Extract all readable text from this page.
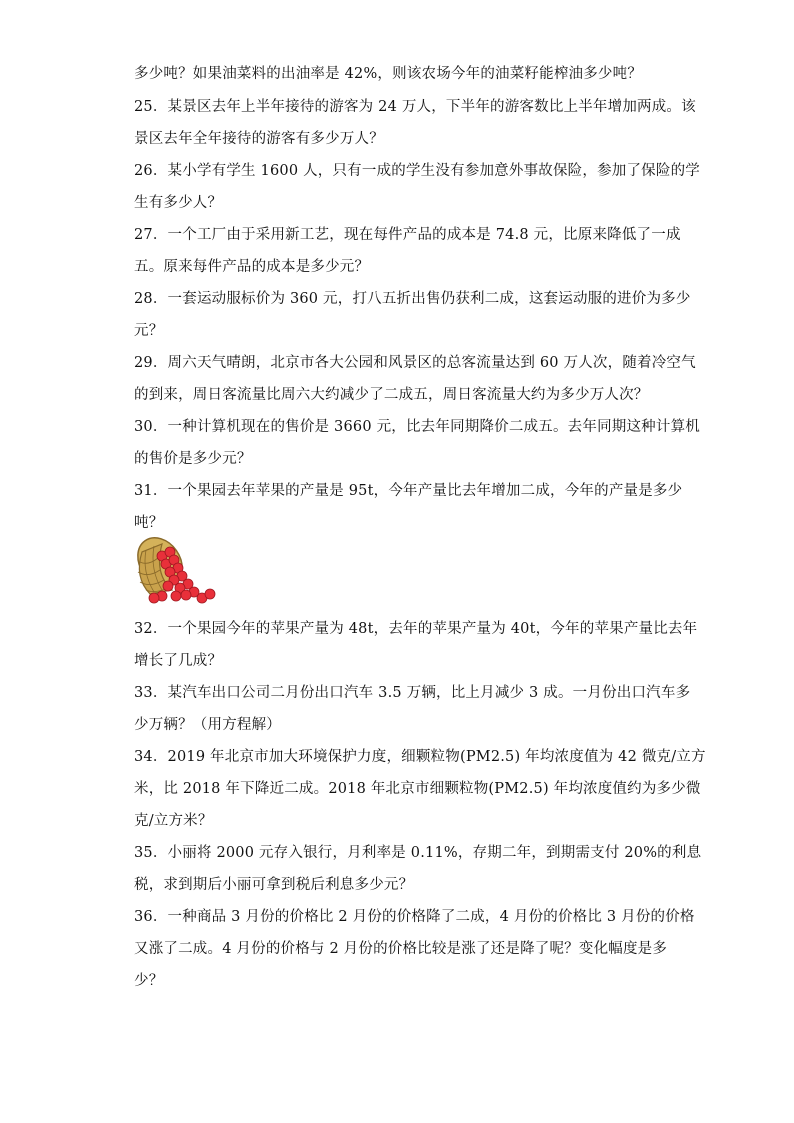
多少吨？如果油菜料的出油率是 42%，则该农场今年的油菜籽能榨油多少吨？
25．某景区去年上半年接待的游客为 24 万人，下半年的游客数比上半年增加两成。该
景区去年全年接待的游客有多少万人？
26．某小学有学生 1600 人，只有一成的学生没有参加意外事故保险，参加了保险的学
生有多少人？
27．一个工厂由于采用新工艺，现在每件产品的成本是 74.8 元，比原来降低了一成
五。原来每件产品的成本是多少元？
28．一套运动服标价为 360 元，打八五折出售仍获利二成，这套运动服的进价为多少
元？
29．周六天气晴朗，北京市各大公园和风景区的总客流量达到 60 万人次，随着冷空气
的到来，周日客流量比周六大约减少了二成五，周日客流量大约为多少万人次？
30．一种计算机现在的售价是 3660 元，比去年同期降价二成五。去年同期这种计算机
的售价是多少元？
31．一个果园去年苹果的产量是 95t，今年产量比去年增加二成，今年的产量是多少
吨？
32．一个果园今年的苹果产量为 48t，去年的苹果产量为 40t，今年的苹果产量比去年
增长了几成？
33．某汽车出口公司二月份出口汽车 3.5 万辆，比上月减少 3 成。一月份出口汽车多
少万辆？（用方程解）
34．2019 年北京市加大环境保护力度，细颗粒物(PM2.5) 年均浓度值为 42 微克/立方
米，比 2018 年下降近二成。2018 年北京市细颗粒物(PM2.5) 年均浓度值约为多少微
克/立方米？
35．小丽将 2000 元存入银行，月利率是 0.11%，存期二年，到期需支付 20%的利息
税，求到期后小丽可拿到税后利息多少元？
36．一种商品 3 月份的价格比 2 月份的价格降了二成，4 月份的价格比 3 月份的价格
又涨了二成。4 月份的价格与 2 月份的价格比较是涨了还是降了呢？变化幅度是多
少？
